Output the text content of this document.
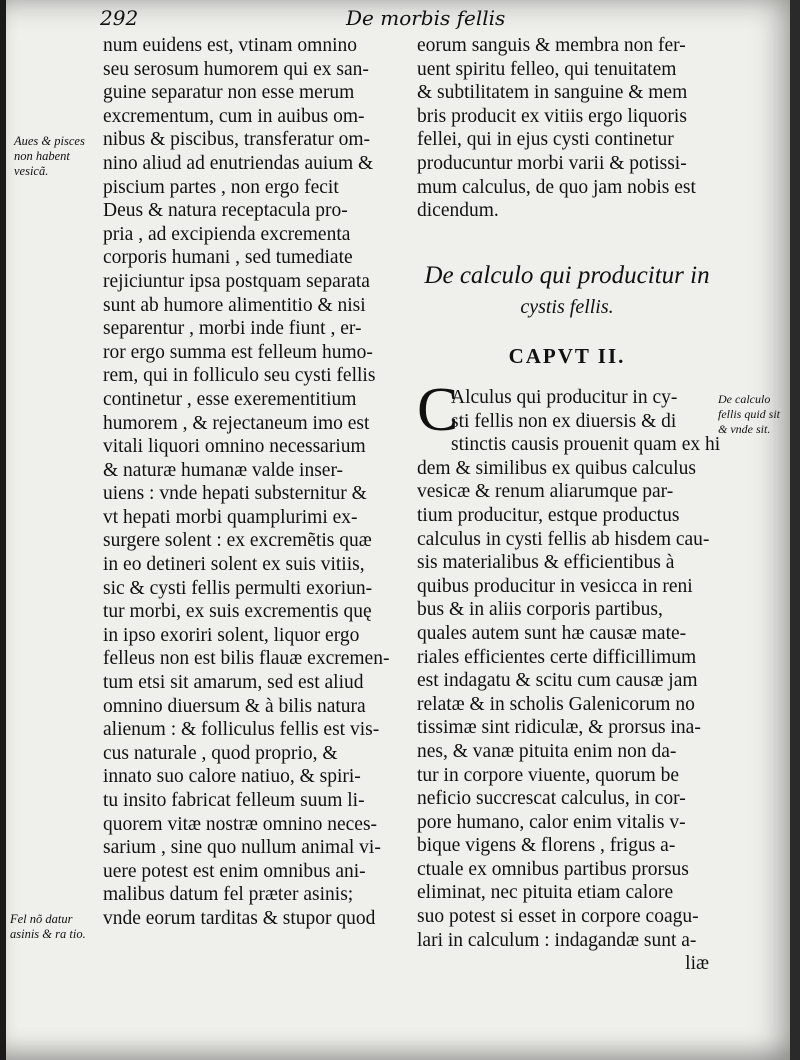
292	De morbis fellis
num euidens est, vtinam omnino
seu serosum humorem qui ex san-
guine separatur non esse merum
excrementum, cum in auibus om-
nibus & piscibus, transferatur om-
nino aliud ad enutriendas auium &
piscium partes , non ergo fecit
Deus & natura receptacula pro-
pria , ad excipienda excrementa
corporis humani , sed tumediate
rejiciuntur ipsa postquam separata
sunt ab humore alimentitio & nisi
separentur , morbi inde fiunt , er-
ror ergo summa est felleum humo-
rem, qui in folliculo seu cysti fellis
continetur , esse exerementitium
humorem , & rejectaneum imo est
vitali liquori omnino necessarium
& naturæ humanæ valde inser-
uiens : vnde hepati substernitur &
vt hepati morbi quamplurimi ex-
surgere solent : ex excremẽtis quæ
in eo detineri solent ex suis vitiis,
sic & cysti fellis permulti exoriun-
tur morbi, ex suis excrementis quę
in ipso exoriri solent, liquor ergo
felleus non est bilis flauæ excremen-
tum etsi sit amarum, sed est aliud
omnino diuersum & à bilis natura
alienum : & folliculus fellis est vis-
cus naturale , quod proprio, &
innato suo calore natiuo, & spiri-
tu insito fabricat felleum suum li-
quorem vitæ nostræ omnino neces-
sarium , sine quo nullum animal vi-
uere potest est enim omnibus ani-
malibus datum fel præter asinis;
vnde eorum tarditas & stupor quod
eorum sanguis & membra non fer-
uent spiritu felleo, qui tenuitatem
& subtilitatem in sanguine & mem
bris producit ex vitiis ergo liquoris
fellei, qui in ejus cysti continetur
producuntur morbi varii & potissi-
mum calculus, de quo jam nobis est
dicendum.
De calculo qui producitur in
cystis fellis.
CAPVT II.
C
Alculus qui producitur in cy-
sti fellis non ex diuersis & di
stinctis causis prouenit quam ex hi
dem & similibus ex quibus calculus
vesicæ & renum aliarumque par-
tium producitur, estque productus
calculus in cysti fellis ab hisdem cau-
sis materialibus & efficientibus à
quibus producitur in vesicca in reni
bus & in aliis corporis partibus,
quales autem sunt hæ causæ mate-
riales efficientes certe difficillimum
est indagatu & scitu cum causæ jam
relatæ & in scholis Galenicorum no
tissimæ sint ridiculæ, & prorsus ina-
nes, & vanæ pituita enim non da-
tur in corpore viuente, quorum be
neficio succrescat calculus, in cor-
pore humano, calor enim vitalis v-
bique vigens & florens , frigus a-
ctuale ex omnibus partibus prorsus
eliminat, nec pituita etiam calore
suo potest si esset in corpore coagu-
lari in calculum : indagandæ sunt a-
liæ
Aues & pisces non habent vesicã.
Fel nõ datur asinis & ra tio.
De calculo fellis quid sit & vnde sit.
